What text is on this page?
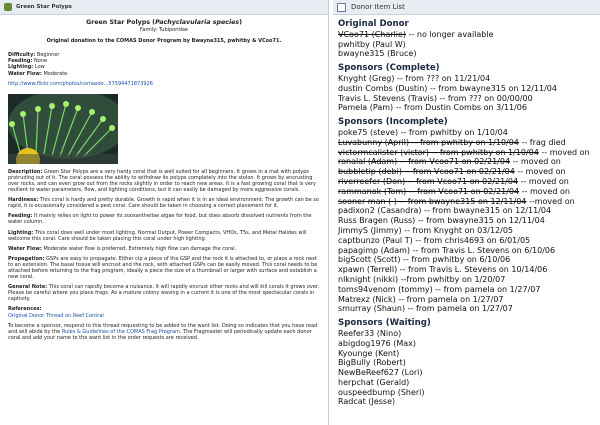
Green Star Polyps
Green Star Polyps (Pachyclavularia species)
Family: Tubiporidae
Original donation to the COMAS Donor Program by Bwayne315, pwhitby & VCoo71.
Difficulty: Beginner
Feeding: None
Lighting: Low
Water Flow: Moderate
http://www.flickr.com/photos/comasdo...57594471873926
Description: Green Star Polyps are a very hardy coral that is well suited for all beginners. It grows in a mat with polyps protruding out of it. The coral possess the ability to withdraw its polyps completely into the stolon. It grows by encrusting over rocks, and can even grow out from the rocks slightly in order to reach new areas. It is a fast growing coral that is very resilient to water parameters, flow, and lighting conditions, but it can easily be damaged by more aggressive corals.
Hardiness: This coral is hardy and pretty durable. Growth is rapid when it is in an ideal environment. The growth can be so rapid, it is occasionally considered a pest coral. Care should be taken in choosing a correct placement for it.
Feeding: It mainly relies on light to power its zooxanthellae algae for food, but does absorb dissolved nutrients from the water column.
Lighting: This coral does well under most lighting. Normal Output, Power Compacts, VHOs, T5s, and Metal Halides will welcome this coral. Care should be taken placing this coral under high lighting.
Water Flow: Moderate water flow is preferred. Extremely high flow can damage the coral.
Propagation: GSPs are easy to propagate. Either cip a piece of the GSP and the rock it is attached to, or place a rock next to an extension. The basal tissue will encrust and the rock, with attached GSPs can be easily moved. This coral needs to be attached before returning to the frag program, ideally a piece the size of a thumbnail or larger with surface and establish a new coral.
General Note: This coral can rapidly become a nuisance. It will rapidly encrust other rocks and will kill corals it grows over. Please be careful where you place frags. As a mature colony waving in a current it is one of the most spectacular corals in captivity.
References:
Original Donor Thread on Reef Central
To become a sponsor, respond to this thread requesting to be added to the want list. Doing so indicates that you have read and will abide by the Rules & Guidelines of the COMAS Frag Program. The Fragmaster will periodically update each donor coral and add your name to the want list in the order requests are received.
Donor Item List
Original Donor
VCoo71 (Charlie) -- no longer available
pwhitby (Paul W)
bwayne315 (Bruce)
Sponsors (Complete)
Knyght (Greg) -- from ??? on 11/21/04
dustin Combs (Dustin) -- from bwayne315 on 12/11/04
Travis L. Stevens (Travis) -- from ??? on 00/00/00
Pamela (Pam) -- from Dustin Combs on 3/11/06
Sponsors (Incomplete)
poke75 (steve) -- from pwhitby on 1/10/04
Luvabunny (April) -- from pwhitby on 1/10/04 -- frag died
victormcalister (victor) -- from pwhitby on 1/10/04 -- moved on
ronalal (Adam) -- from Vcoo71 on 02/21/04 -- moved on
bubbletip (debi) -- from Vcoo71 on 02/21/04 -- moved on
riverreefer (Don) -- from Vcoo71 on 02/21/04 -- moved on
rammanok (Tom) -- from Vcoo71 on 02/21/04 -- moved on
sooner man ( ) -- from bwayne315 on 12/11/04 --moved on
padixon2 (Casandra) -- from bwayne315 on 12/11/04
Russ Bragen (Russ) -- from bwayne315 on 12/11/04
JimmyS (Jimmy) -- from Knyght on 03/12/05
captbunzo (Paul T) -- from chris4693 on 6/01/05
papagimp (Adam) -- from Travis L. Stevens on 6/10/06
bigScott (Scott) -- from pwhitby on 6/10/06
xpawn (Terrell) -- from Travis L. Stevens on 10/14/06
nlknight (nikki) --from pwhitby on 1/20/07
toms94venom (tommy) -- from pamela on 1/27/07
Matrexz (Nick) -- from pamela on 1/27/07
smurray (Shaun) -- from pamela on 1/27/07
Sponsors (Waiting)
Reefer33 (Nino)
abigdog1976 (Max)
Kyounge (Kent)
BigBully (Robert)
NewBeReef627 (Lori)
herpchat (Gerald)
ouspeedbump (Sheri)
Radcat (Jesse)
